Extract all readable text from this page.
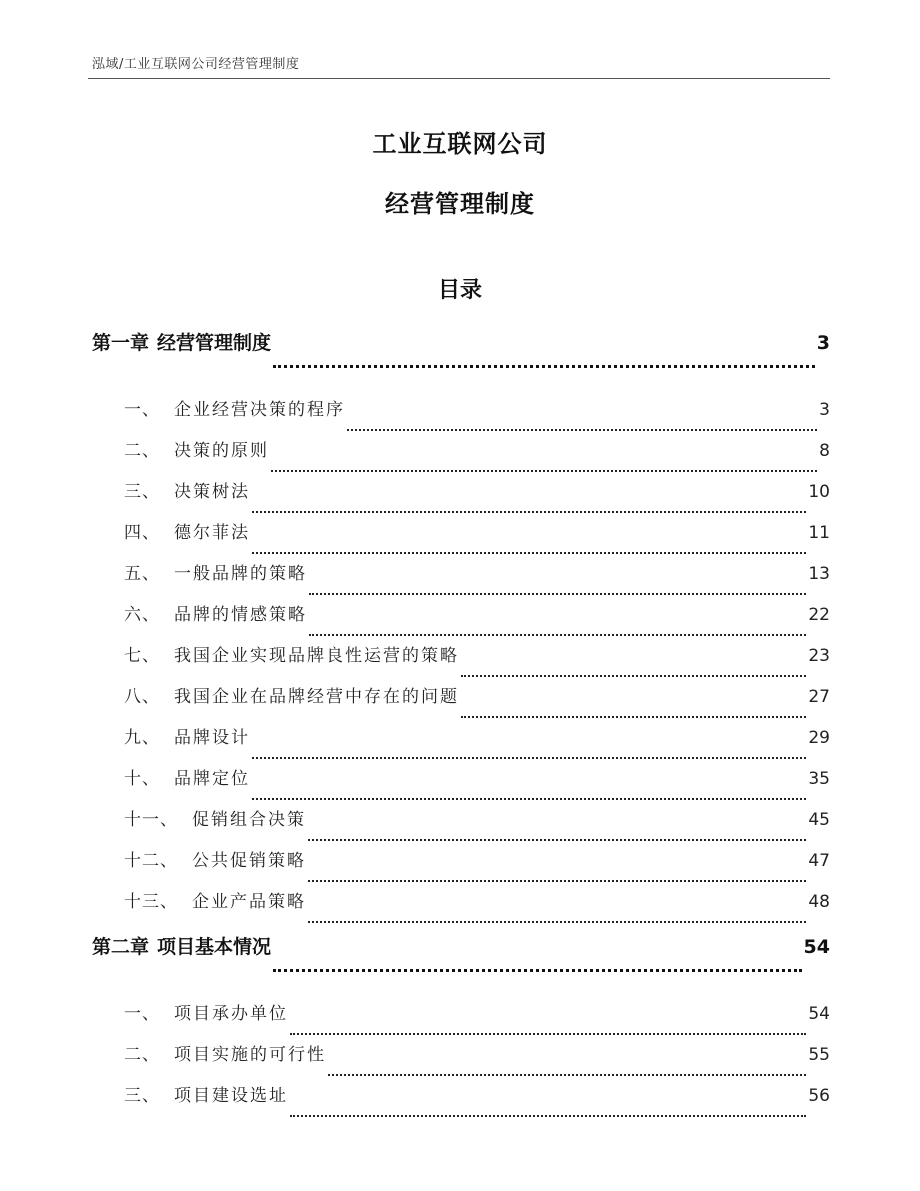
泓域/工业互联网公司经营管理制度
工业互联网公司
经营管理制度
目录
第一章 经营管理制度	3
一、 企业经营决策的程序	3
二、 决策的原则	8
三、 决策树法	10
四、 德尔菲法	11
五、 一般品牌的策略	13
六、 品牌的情感策略	22
七、 我国企业实现品牌良性运营的策略	23
八、 我国企业在品牌经营中存在的问题	27
九、 品牌设计	29
十、 品牌定位	35
十一、 促销组合决策	45
十二、 公共促销策略	47
十三、 企业产品策略	48
第二章 项目基本情况	54
一、 项目承办单位	54
二、 项目实施的可行性	55
三、 项目建设选址	56
